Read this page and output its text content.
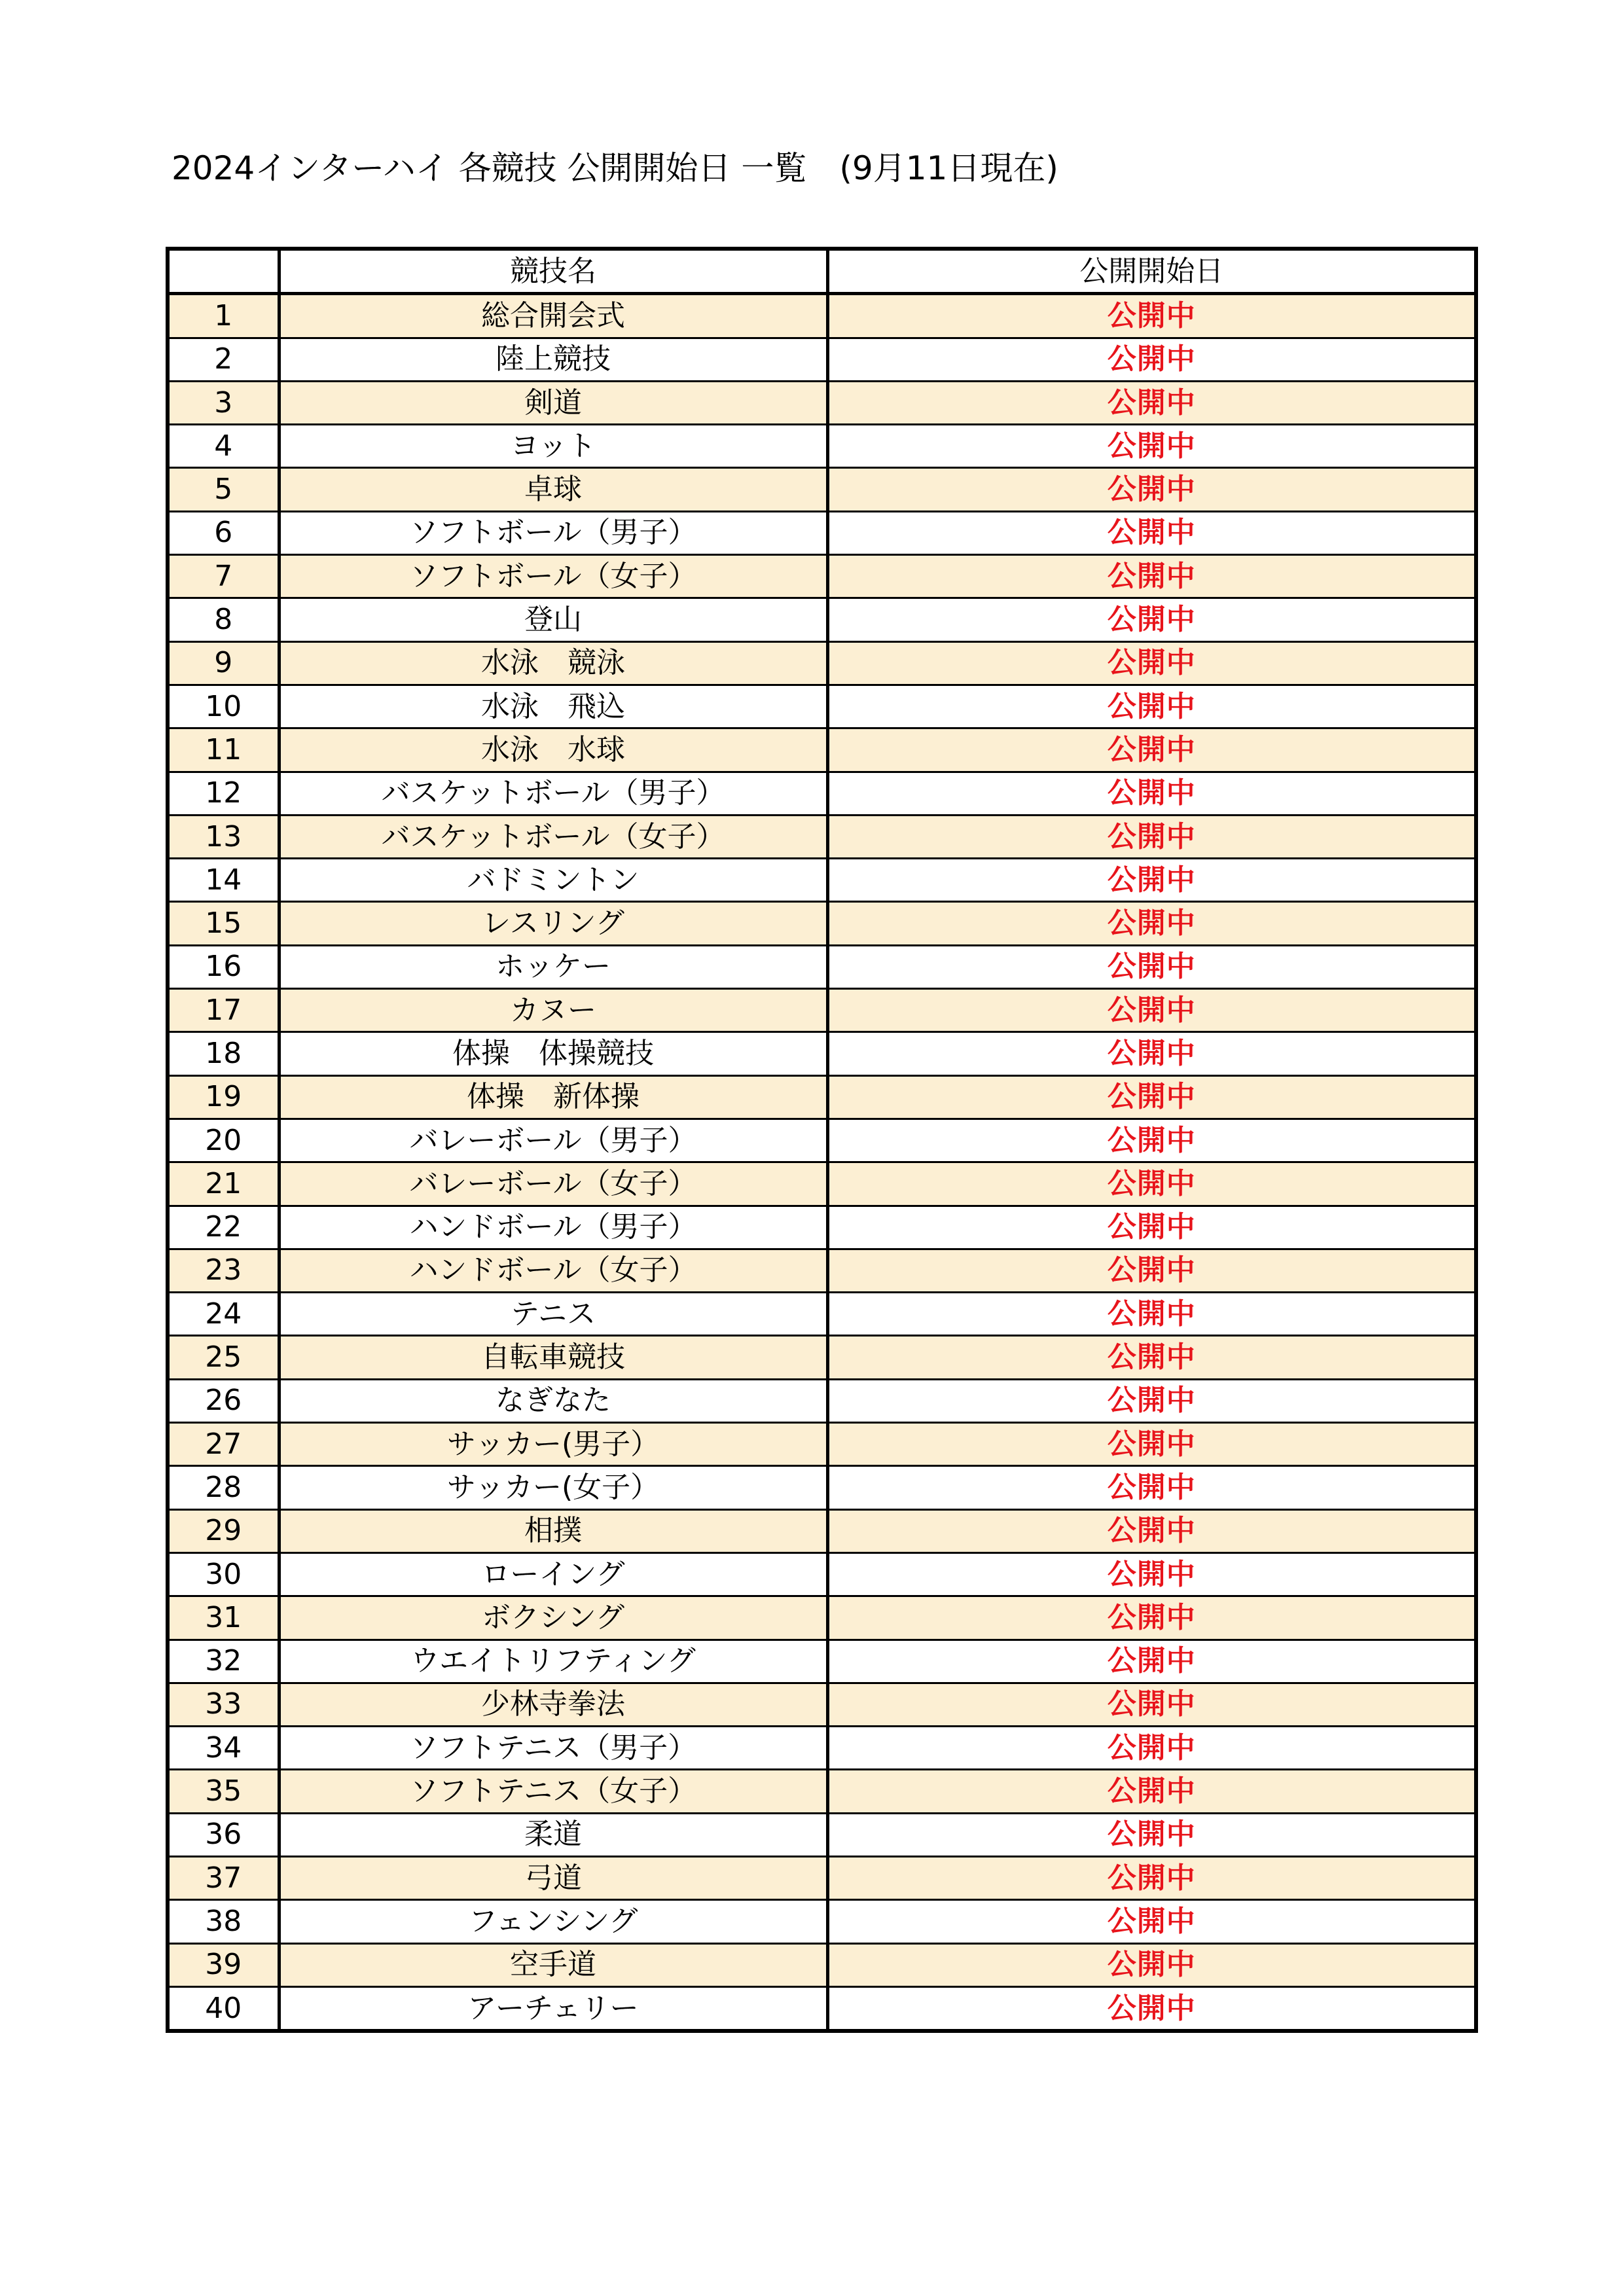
2024インターハイ 各競技 公開開始日 一覧　(9月11日現在)
	競技名	公開開始日
1	総合開会式	公開中
2	陸上競技	公開中
3	剣道	公開中
4	ヨット	公開中
5	卓球	公開中
6	ソフトボール（男子）	公開中
7	ソフトボール（女子）	公開中
8	登山	公開中
9	水泳　競泳	公開中
10	水泳　飛込	公開中
11	水泳　水球	公開中
12	バスケットボール（男子）	公開中
13	バスケットボール（女子）	公開中
14	バドミントン	公開中
15	レスリング	公開中
16	ホッケー	公開中
17	カヌー	公開中
18	体操　体操競技	公開中
19	体操　新体操	公開中
20	バレーボール（男子）	公開中
21	バレーボール（女子）	公開中
22	ハンドボール（男子）	公開中
23	ハンドボール（女子）	公開中
24	テニス	公開中
25	自転車競技	公開中
26	なぎなた	公開中
27	サッカー(男子）	公開中
28	サッカー(女子）	公開中
29	相撲	公開中
30	ローイング	公開中
31	ボクシング	公開中
32	ウエイトリフティング	公開中
33	少林寺拳法	公開中
34	ソフトテニス（男子）	公開中
35	ソフトテニス（女子）	公開中
36	柔道	公開中
37	弓道	公開中
38	フェンシング	公開中
39	空手道	公開中
40	アーチェリー	公開中
